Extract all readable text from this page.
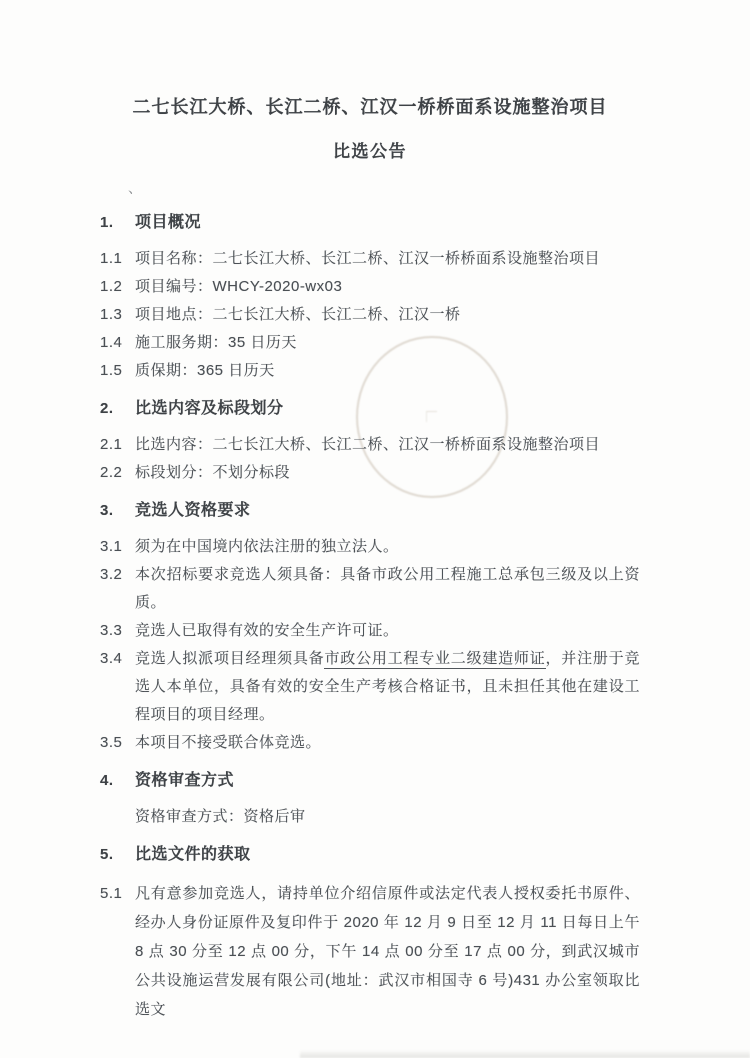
、
二七长江大桥、长江二桥、江汉一桥桥面系设施整治项目
比选公告
1.	项目概况
1.1 项目名称：二七长江大桥、长江二桥、江汉一桥桥面系设施整治项目
1.2 项目编号：WHCY-2020-wx03
1.3 项目地点：二七长江大桥、长江二桥、江汉一桥
1.4 施工服务期：35 日历天
1.5 质保期：365 日历天
2.	比选内容及标段划分
2.1 比选内容：二七长江大桥、长江二桥、江汉一桥桥面系设施整治项目
2.2 标段划分：不划分标段
3.	竞选人资格要求
3.1 须为在中国境内依法注册的独立法人。
3.2 本次招标要求竞选人须具备：具备市政公用工程施工总承包三级及以上资质。
3.3 竞选人已取得有效的安全生产许可证。
3.4 竞选人拟派项目经理须具备市政公用工程专业二级建造师证，并注册于竞选人本单位，具备有效的安全生产考核合格证书，且未担任其他在建设工程项目的项目经理。
3.5 本项目不接受联合体竞选。
4.	资格审查方式

资格审查方式：资格后审

5.	比选文件的获取
5.1 凡有意参加竞选人，请持单位介绍信原件或法定代表人授权委托书原件、经办人身份证原件及复印件于 2020 年 12 月 9 日至 12 月 11 日每日上午 8 点 30 分至 12 点 00 分，下午 14 点 00 分至 17 点 00 分，到武汉城市公共设施运营发展有限公司(地址：武汉市相国寺 6 号)431 办公室领取比选文
